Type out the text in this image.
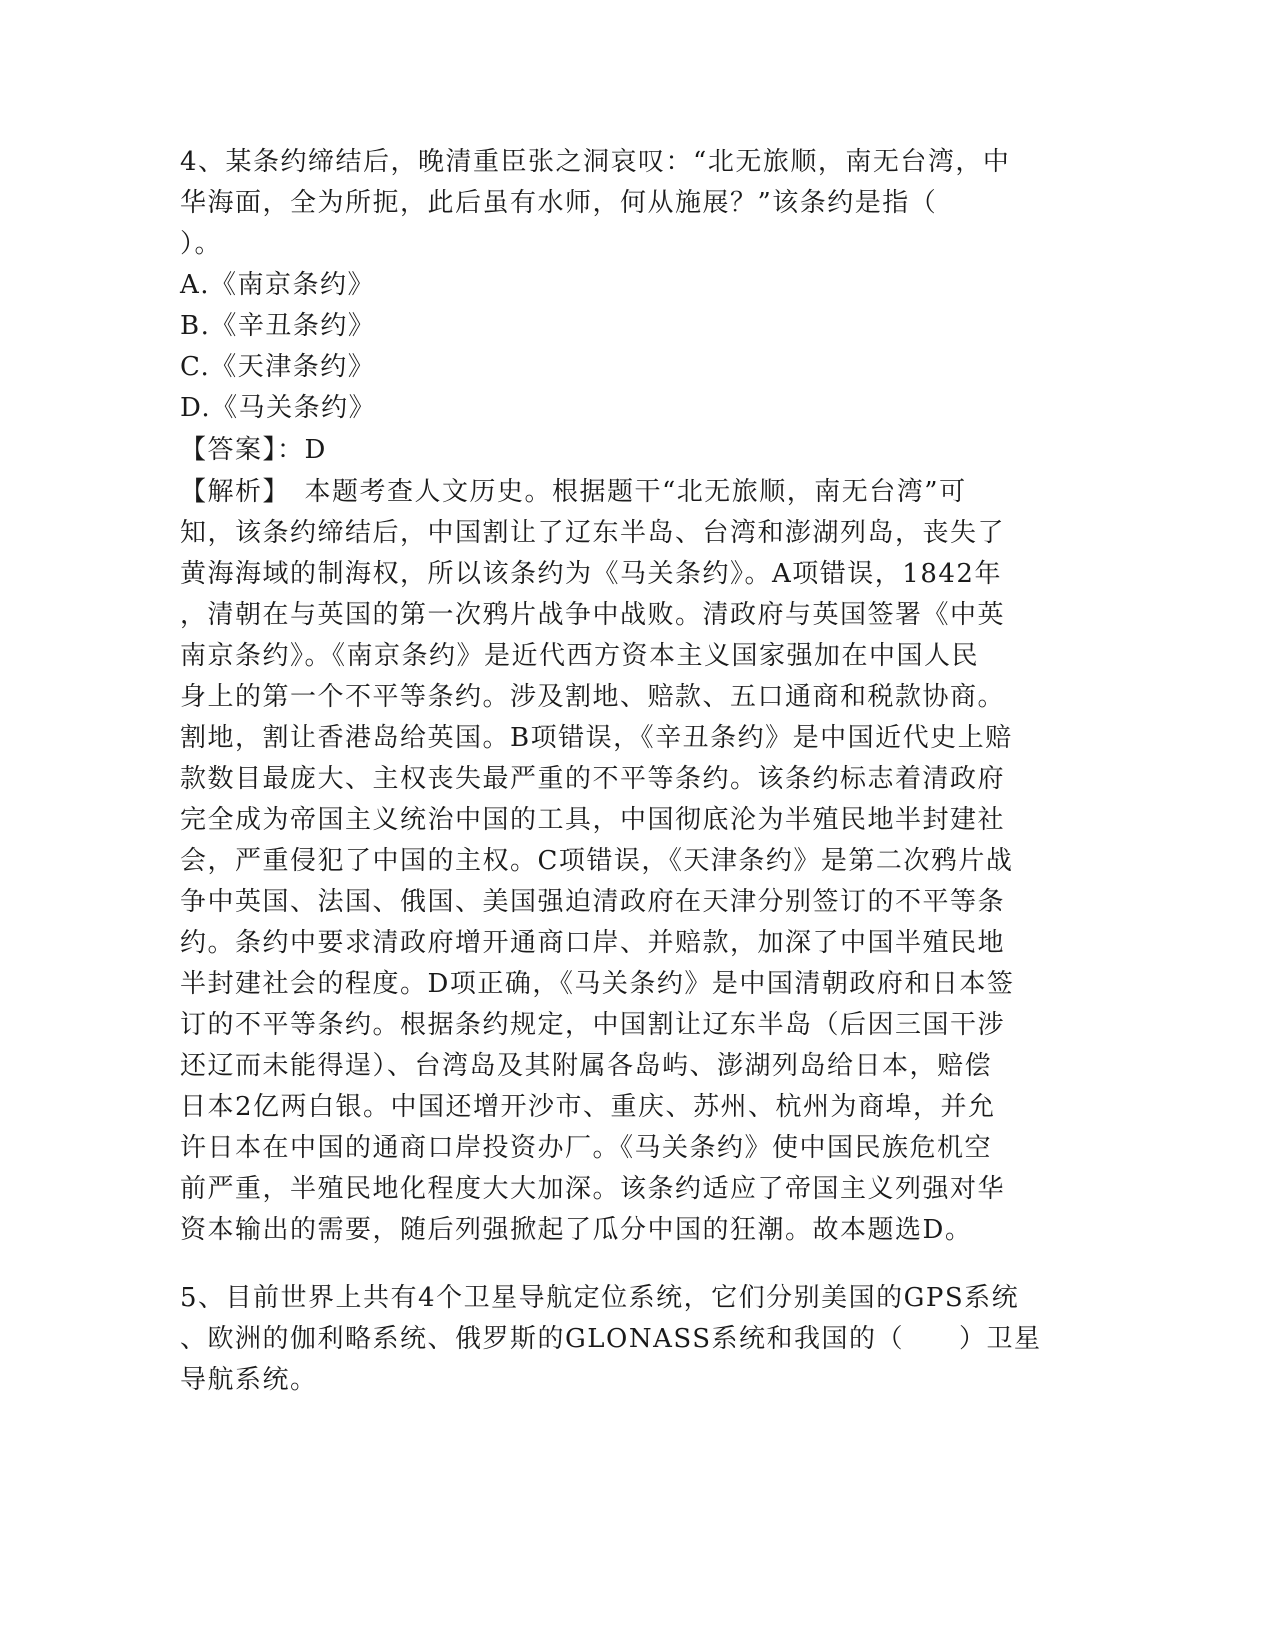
4、某条约缔结后，晚清重臣张之洞哀叹：“北无旅顺，南无台湾，中
华海面，全为所扼，此后虽有水师，何从施展？”该条约是指（
）。
A.《南京条约》
B.《辛丑条约》
C.《天津条约》
D.《马关条约》
【答案】：D
【解析】　本题考查人文历史。根据题干“北无旅顺，南无台湾”可
知，该条约缔结后，中国割让了辽东半岛、台湾和澎湖列岛，丧失了
黄海海域的制海权，所以该条约为《马关条约》。A项错误，1842年
，清朝在与英国的第一次鸦片战争中战败。清政府与英国签署《中英
南京条约》。《南京条约》是近代西方资本主义国家强加在中国人民
身上的第一个不平等条约。涉及割地、赔款、五口通商和税款协商。
割地，割让香港岛给英国。B项错误，《辛丑条约》是中国近代史上赔
款数目最庞大、主权丧失最严重的不平等条约。该条约标志着清政府
完全成为帝国主义统治中国的工具，中国彻底沦为半殖民地半封建社
会，严重侵犯了中国的主权。C项错误，《天津条约》是第二次鸦片战
争中英国、法国、俄国、美国强迫清政府在天津分别签订的不平等条
约。条约中要求清政府增开通商口岸、并赔款，加深了中国半殖民地
半封建社会的程度。D项正确，《马关条约》是中国清朝政府和日本签
订的不平等条约。根据条约规定，中国割让辽东半岛（后因三国干涉
还辽而未能得逞）、台湾岛及其附属各岛屿、澎湖列岛给日本，赔偿
日本2亿两白银。中国还增开沙市、重庆、苏州、杭州为商埠，并允
许日本在中国的通商口岸投资办厂。《马关条约》使中国民族危机空
前严重，半殖民地化程度大大加深。该条约适应了帝国主义列强对华
资本输出的需要，随后列强掀起了瓜分中国的狂潮。故本题选D。
5、目前世界上共有4个卫星导航定位系统，它们分别美国的GPS系统
、欧洲的伽利略系统、俄罗斯的GLONASS系统和我国的（　　）卫星
导航系统。
